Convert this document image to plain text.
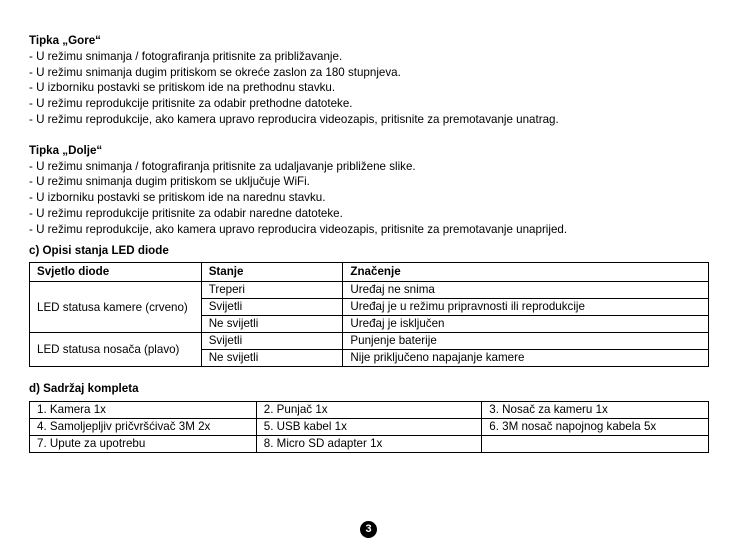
Tipka „Gore“
- U režimu snimanja / fotografiranja pritisnite za približavanje.
- U režimu snimanja dugim pritiskom se okreće zaslon za 180 stupnjeva.
- U izborniku postavki se pritiskom ide na prethodnu stavku.
- U režimu reprodukcije pritisnite za odabir prethodne datoteke.
- U režimu reprodukcije, ako kamera upravo reproducira videozapis, pritisnite za premotavanje unatrag.
Tipka „Dolje“
- U režimu snimanja / fotografiranja pritisnite za udaljavanje približene slike.
- U režimu snimanja dugim pritiskom se uključuje WiFi.
- U izborniku postavki se pritiskom ide na narednu stavku.
- U režimu reprodukcije pritisnite za odabir naredne datoteke.
- U režimu reprodukcije, ako kamera upravo reproducira videozapis, pritisnite za premotavanje unaprijed.
c) Opisi stanja LED diode
Svjetlo diode	Stanje	Značenje
LED statusa kamere (crveno)	Treperi	Uređaj ne snima
	Svijetli	Uređaj je u režimu pripravnosti ili reprodukcije
	Ne svijetli	Uređaj je isključen
LED statusa nosača (plavo)	Svijetli	Punjenje baterije
	Ne svijetli	Nije priključeno napajanje kamere
d) Sadržaj kompleta
1. Kamera 1x	2. Punjač 1x	3. Nosač za kameru 1x
4. Samoljepljiv pričvršćivač 3M 2x	5. USB kabel 1x	6. 3M nosač napojnog kabela 5x
7. Upute za upotrebu	8. Micro SD adapter 1x	
3
